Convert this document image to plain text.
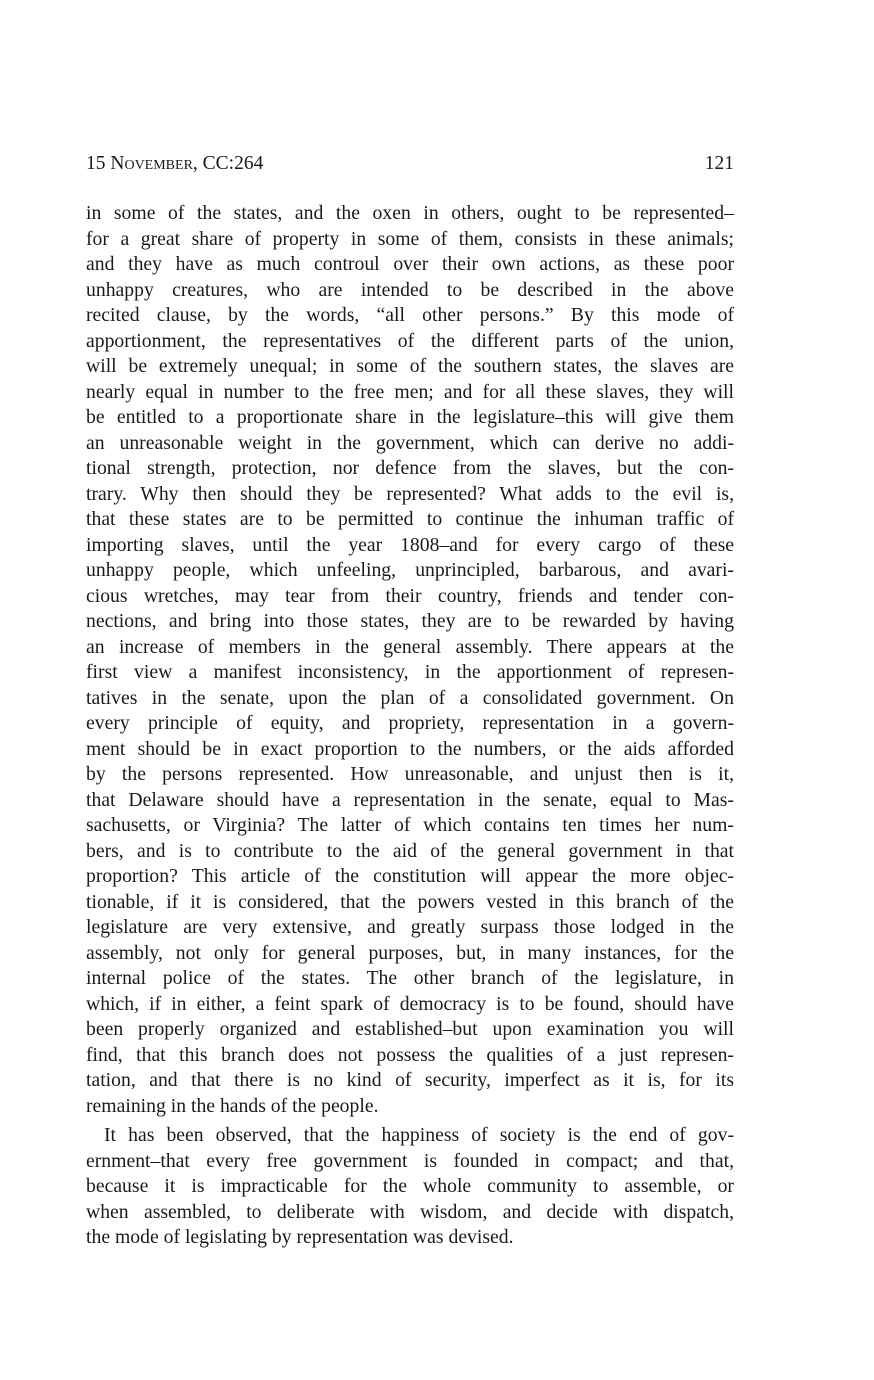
15 November, CC:264	121
in some of the states, and the oxen in others, ought to be represented–
for a great share of property in some of them, consists in these animals;
and they have as much controul over their own actions, as these poor
unhappy creatures, who are intended to be described in the above
recited clause, by the words, “all other persons.” By this mode of
apportionment, the representatives of the different parts of the union,
will be extremely unequal; in some of the southern states, the slaves are
nearly equal in number to the free men; and for all these slaves, they will
be entitled to a proportionate share in the legislature–this will give them
an unreasonable weight in the government, which can derive no addi-
tional strength, protection, nor defence from the slaves, but the con-
trary. Why then should they be represented? What adds to the evil is,
that these states are to be permitted to continue the inhuman traffic of
importing slaves, until the year 1808–and for every cargo of these
unhappy people, which unfeeling, unprincipled, barbarous, and avari-
cious wretches, may tear from their country, friends and tender con-
nections, and bring into those states, they are to be rewarded by having
an increase of members in the general assembly. There appears at the
first view a manifest inconsistency, in the apportionment of represen-
tatives in the senate, upon the plan of a consolidated government. On
every principle of equity, and propriety, representation in a govern-
ment should be in exact proportion to the numbers, or the aids afforded
by the persons represented. How unreasonable, and unjust then is it,
that Delaware should have a representation in the senate, equal to Mas-
sachusetts, or Virginia? The latter of which contains ten times her num-
bers, and is to contribute to the aid of the general government in that
proportion? This article of the constitution will appear the more objec-
tionable, if it is considered, that the powers vested in this branch of the
legislature are very extensive, and greatly surpass those lodged in the
assembly, not only for general purposes, but, in many instances, for the
internal police of the states. The other branch of the legislature, in
which, if in either, a feint spark of democracy is to be found, should have
been properly organized and established–but upon examination you will
find, that this branch does not possess the qualities of a just represen-
tation, and that there is no kind of security, imperfect as it is, for its
remaining in the hands of the people.
It has been observed, that the happiness of society is the end of gov-
ernment–that every free government is founded in compact; and that,
because it is impracticable for the whole community to assemble, or
when assembled, to deliberate with wisdom, and decide with dispatch,
the mode of legislating by representation was devised.
